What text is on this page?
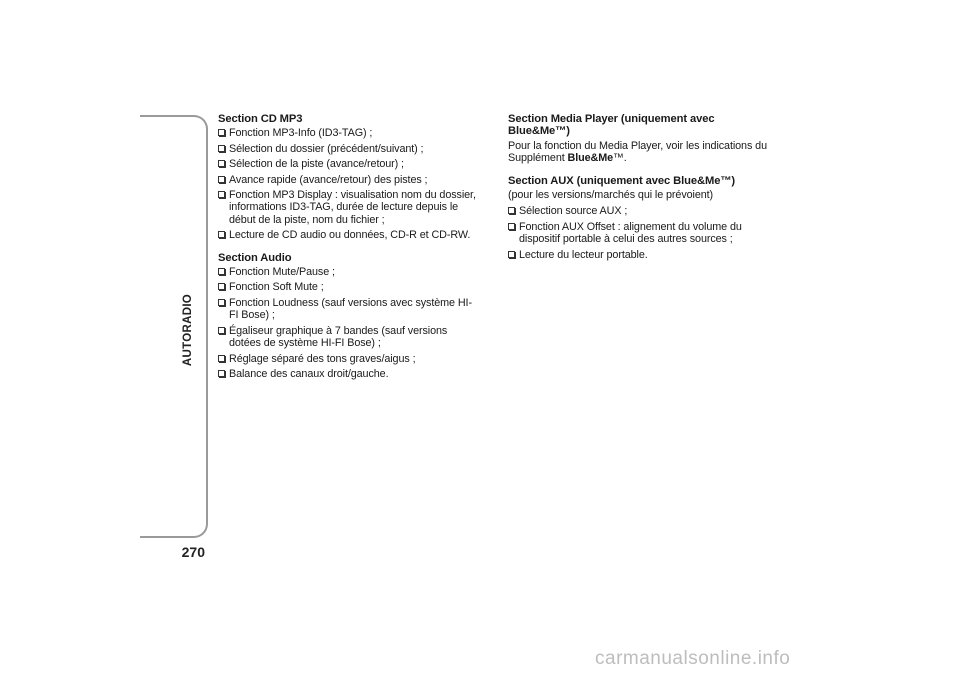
AUTORADIO
270
Section CD MP3
Fonction MP3-Info (ID3-TAG) ;
Sélection du dossier (précédent/suivant) ;
Sélection de la piste (avance/retour) ;
Avance rapide (avance/retour) des pistes ;
Fonction MP3 Display : visualisation nom du dossier, informations ID3-TAG, durée de lecture depuis le début de la piste, nom du fichier ;
Lecture de CD audio ou données, CD-R et CD-RW.
Section Audio
Fonction Mute/Pause ;
Fonction Soft Mute ;
Fonction Loudness (sauf versions avec système HI-FI Bose) ;
Égaliseur graphique à 7 bandes (sauf versions dotées de système HI-FI Bose) ;
Réglage séparé des tons graves/aigus ;
Balance des canaux droit/gauche.
Section Media Player (uniquement avec Blue&Me™)

Pour la fonction du Media Player, voir les indications du Supplément Blue&Me™.

Section AUX (uniquement avec Blue&Me™)
(pour les versions/marchés qui le prévoient)
Sélection source AUX ;
Fonction AUX Offset : alignement du volume du dispositif portable à celui des autres sources ;
Lecture du lecteur portable.
carmanualsonline.info
